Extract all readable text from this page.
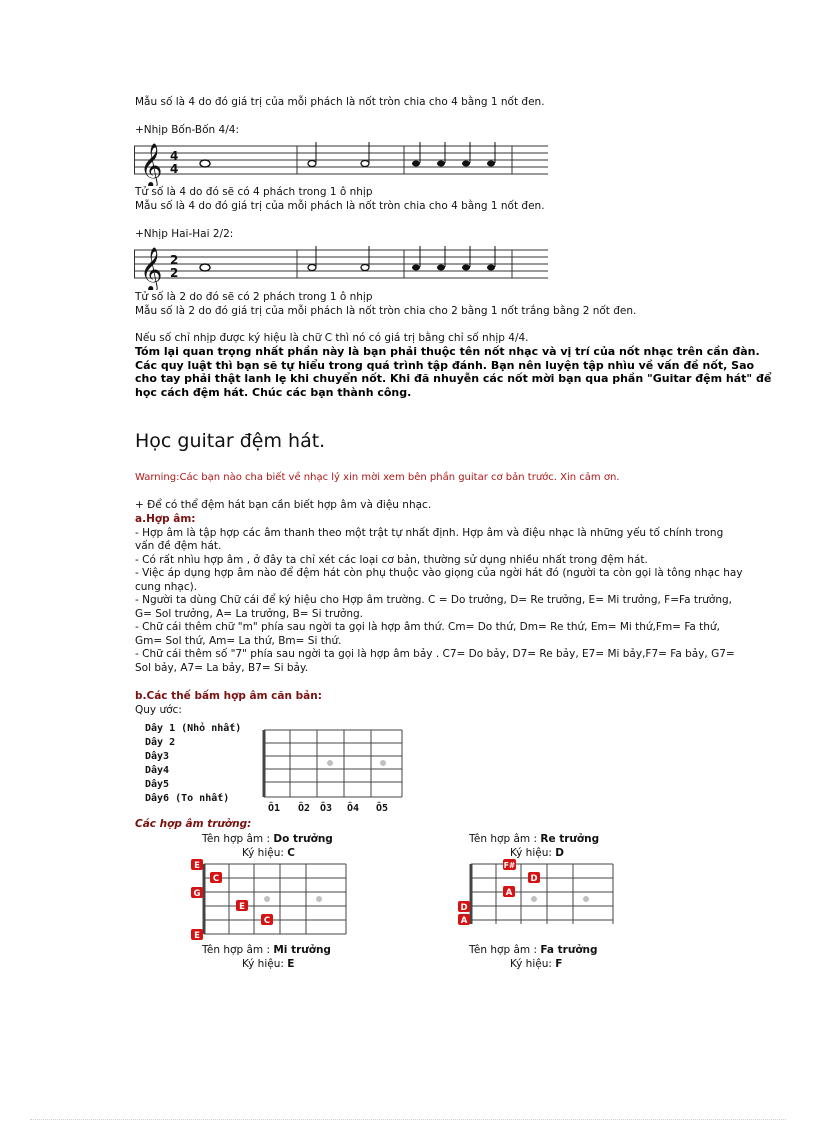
Mẫu số là 4 do đó giá trị của mỗi phách là nốt tròn chia cho 4 bằng 1 nốt đen.
+Nhịp Bốn-Bốn 4/4:
𝄞 4
4
Tử số là 4 do đó sẽ có 4 phách trong 1 ô nhịp
Mẫu số là 4 do đó giá trị của mỗi phách là nốt tròn chia cho 4 bằng 1 nốt đen.
+Nhịp Hai-Hai 2/2:
𝄞 2
2
Tử số là 2 do đó sẽ có 2 phách trong 1 ô nhịp
Mẫu số là 2 do đó giá trị của mỗi phách là nốt tròn chia cho 2 bằng 1 nốt trắng bằng 2 nốt đen.
Nếu số chỉ nhịp được ký hiệu là chữ C thì nó có giá trị bằng chỉ số nhịp 4/4.
Tóm lại quan trọng nhất phần này là bạn phải thuộc tên nốt nhạc và vị trí của nốt nhạc trên cần đàn.
Các quy luật thì bạn sẽ tự hiểu trong quá trình tập đánh. Bạn nên luyện tập nhìu về vấn đề nốt, Sao
cho tay phải thật lanh lẹ khi chuyển nốt. Khi đã nhuyễn các nốt mời bạn qua phần "Guitar đệm hát" để
học cách đệm hát. Chúc các bạn thành công.
Học guitar đệm hát.
Warning:Các bạn nào cha biết về nhạc lý xin mời xem bên phần guitar cơ bản trước. Xin cảm ơn.
+ Để có thể đệm hát bạn cần biết hợp âm và điệu nhạc.
a.Hợp âm:
- Hợp âm là tập hợp các âm thanh theo một trật tự nhất định. Hợp âm và điệu nhạc là những yếu tố chính trong
vấn đề đệm hát.
- Có rất nhìu hợp âm , ở đây ta chỉ xét các loại cơ bản, thường sử dụng nhiều nhất trong đệm hát.
- Việc áp dụng hợp âm nào để đệm hát còn phụ thuộc vào giọng của ngời hát đó (người ta còn gọi là tông nhạc hay
cung nhạc).
- Người ta dùng Chữ cái để ký hiệu cho Hợp âm trường. C = Do trưởng, D= Re trưởng, E= Mi trưởng, F=Fa trưởng,
G= Sol trưởng, A= La trưởng, B= Si trưởng.
- Chữ cái thêm chữ "m" phía sau ngời ta gọi là hợp âm thứ. Cm= Do thứ, Dm= Re thứ, Em= Mi thứ,Fm= Fa thứ,
Gm= Sol thứ, Am= La thứ, Bm= Si thứ.
- Chữ cái thêm số "7" phía sau ngời ta gọi là hợp âm bảy . C7= Do bảy, D7= Re bảy, E7= Mi bảy,F7= Fa bảy, G7=
Sol bảy, A7= La bảy, B7= Si bảy.
b.Các thế bấm hợp âm căn bản:
Quy ước:
Dây 1 (Nhỏ nhất)
Dây 2
Dây3
Dây4
Dây5
Dây6 (To nhất)
Ô1 Ô2 Ô3 Ô4 Ô5
Các hợp âm trưởng:
Tên hợp âm : Do trưởng
Ký hiệu: C
Tên hợp âm : Re trưởng
Ký hiệu: D
E
G
E
C
E
C
D
A
F#
D
A
Tên hợp âm : Mi trưởng
Ký hiệu: E
Tên hợp âm : Fa trưởng
Ký hiệu: F
